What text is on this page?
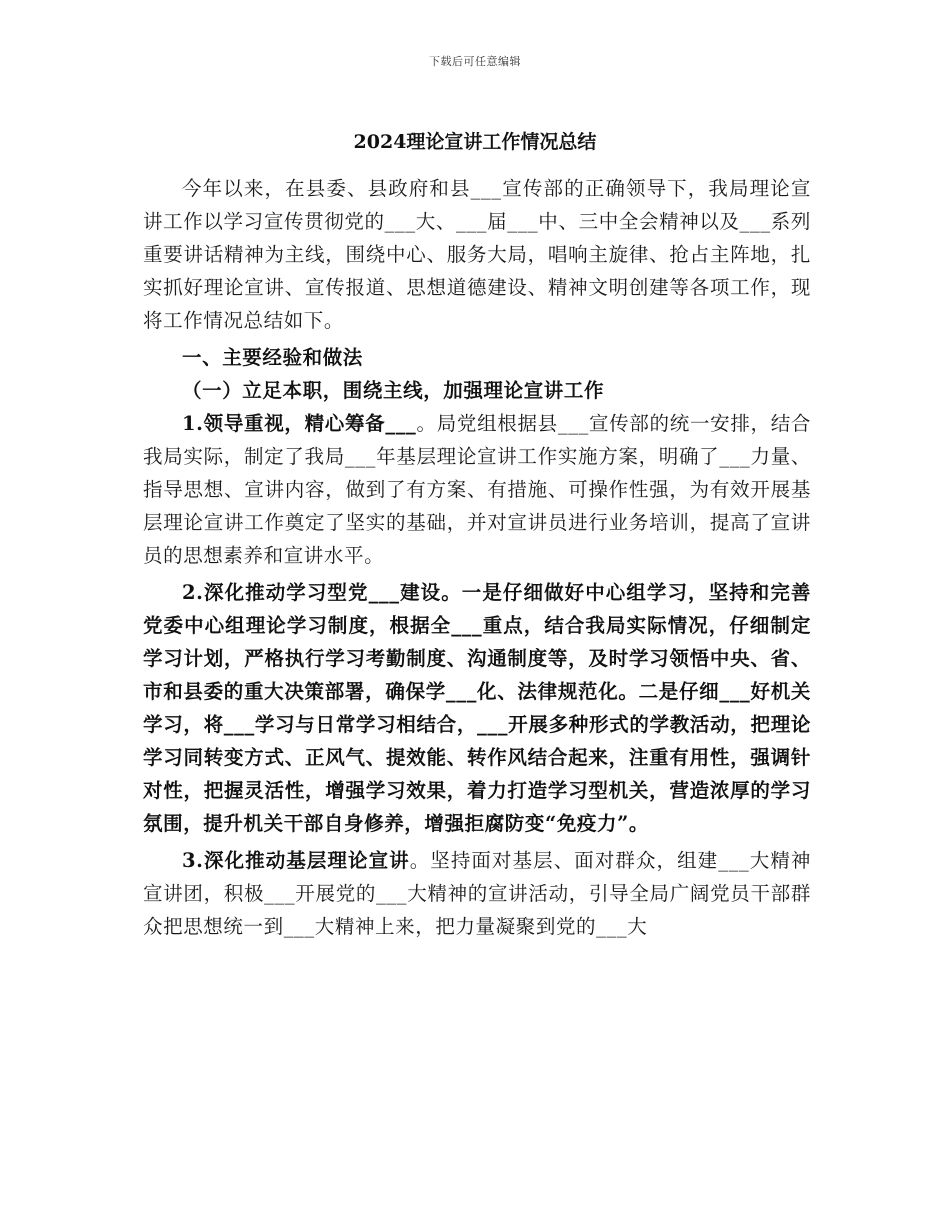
下载后可任意编辑
2024理论宣讲工作情况总结

今年以来，在县委、县政府和县___宣传部的正确领导下，我局理论宣讲工作以学习宣传贯彻党的___大、___届___中、三中全会精神以及___系列重要讲话精神为主线，围绕中心、服务大局，唱响主旋律、抢占主阵地，扎实抓好理论宣讲、宣传报道、思想道德建设、精神文明创建等各项工作，现将工作情况总结如下。

一、主要经验和做法

（一）立足本职，围绕主线，加强理论宣讲工作

1.领导重视，精心筹备___。局党组根据县___宣传部的统一安排，结合我局实际，制定了我局___年基层理论宣讲工作实施方案，明确了___力量、指导思想、宣讲内容，做到了有方案、有措施、可操作性强，为有效开展基层理论宣讲工作奠定了坚实的基础，并对宣讲员进行业务培训，提高了宣讲员的思想素养和宣讲水平。

2.深化推动学习型党___建设。一是仔细做好中心组学习，坚持和完善党委中心组理论学习制度，根据全___重点，结合我局实际情况，仔细制定学习计划，严格执行学习考勤制度、沟通制度等，及时学习领悟中央、省、市和县委的重大决策部署，确保学___化、法律规范化。二是仔细___好机关学习，将___学习与日常学习相结合，___开展多种形式的学教活动，把理论学习同转变方式、正风气、提效能、转作风结合起来，注重有用性，强调针对性，把握灵活性，增强学习效果，着力打造学习型机关，营造浓厚的学习氛围，提升机关干部自身修养，增强拒腐防变“免疫力”。

3.深化推动基层理论宣讲。坚持面对基层、面对群众，组建___大精神宣讲团，积极___开展党的___大精神的宣讲活动，引导全局广阔党员干部群众把思想统一到___大精神上来，把力量凝聚到党的___大
